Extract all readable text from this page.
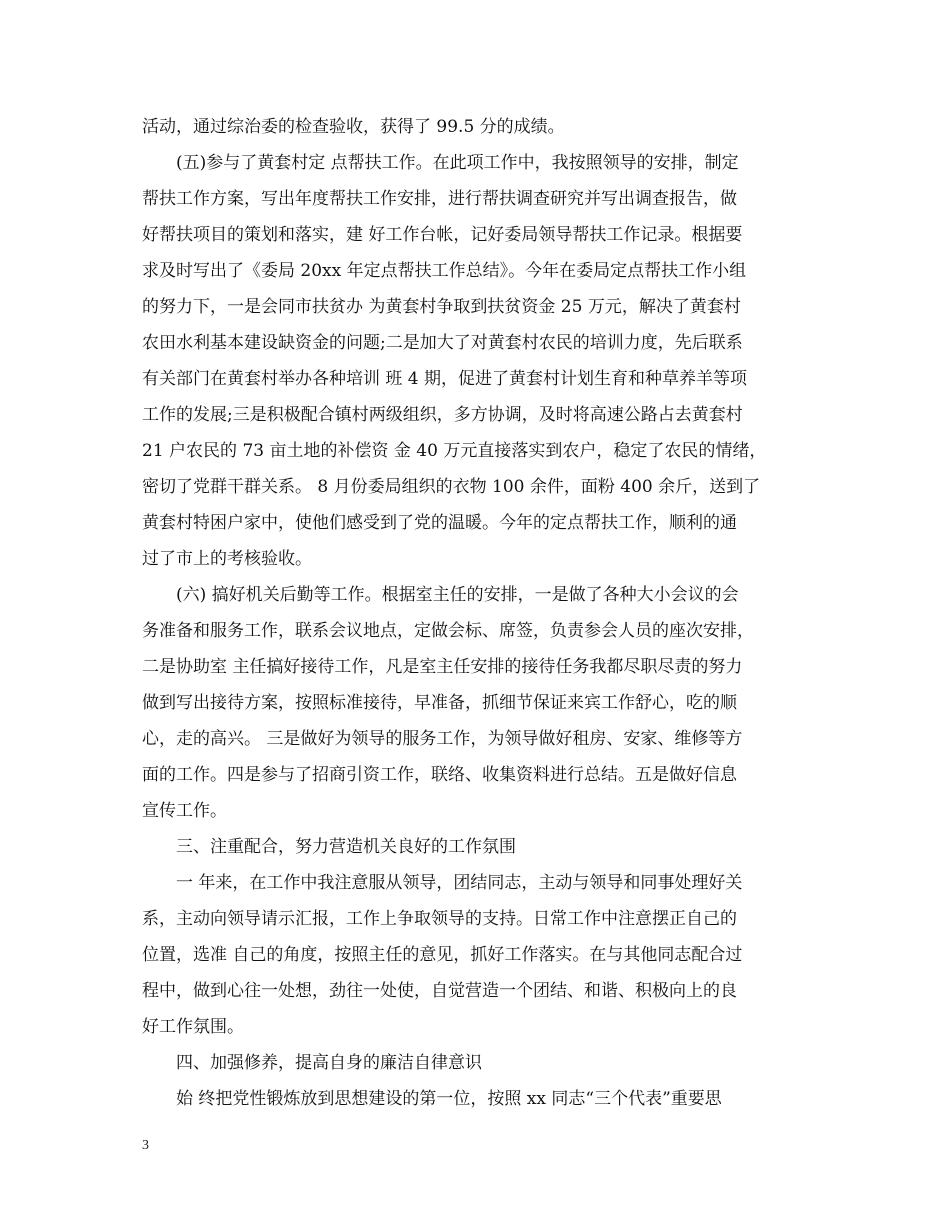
活动，通过综治委的检查验收，获得了 99.5 分的成绩。
(五)参与了黄套村定 点帮扶工作。在此项工作中，我按照领导的安排，制定
帮扶工作方案，写出年度帮扶工作安排，进行帮扶调查研究并写出调查报告，做
好帮扶项目的策划和落实，建 好工作台帐，记好委局领导帮扶工作记录。根据要
求及时写出了《委局 20xx 年定点帮扶工作总结》。今年在委局定点帮扶工作小组
的努力下，一是会同市扶贫办 为黄套村争取到扶贫资金 25 万元，解决了黄套村
农田水利基本建设缺资金的问题;二是加大了对黄套村农民的培训力度，先后联系
有关部门在黄套村举办各种培训 班 4 期，促进了黄套村计划生育和种草养羊等项
工作的发展;三是积极配合镇村两级组织，多方协调，及时将高速公路占去黄套村
21 户农民的 73 亩土地的补偿资 金 40 万元直接落实到农户，稳定了农民的情绪，
密切了党群干群关系。 8 月份委局组织的衣物 100 余件，面粉 400 余斤，送到了
黄套村特困户家中，使他们感受到了党的温暖。今年的定点帮扶工作，顺利的通
过了市上的考核验收。
(六) 搞好机关后勤等工作。根据室主任的安排，一是做了各种大小会议的会
务准备和服务工作，联系会议地点，定做会标、席签，负责参会人员的座次安排，
二是协助室 主任搞好接待工作，凡是室主任安排的接待任务我都尽职尽责的努力
做到写出接待方案，按照标准接待，早准备，抓细节保证来宾工作舒心，吃的顺
心，走的高兴。 三是做好为领导的服务工作，为领导做好租房、安家、维修等方
面的工作。四是参与了招商引资工作，联络、收集资料进行总结。五是做好信息
宣传工作。
三、注重配合，努力营造机关良好的工作氛围
一 年来，在工作中我注意服从领导，团结同志，主动与领导和同事处理好关
系，主动向领导请示汇报，工作上争取领导的支持。日常工作中注意摆正自己的
位置，选准 自己的角度，按照主任的意见，抓好工作落实。在与其他同志配合过
程中，做到心往一处想，劲往一处使，自觉营造一个团结、和谐、积极向上的良
好工作氛围。
四、加强修养，提高自身的廉洁自律意识
始 终把党性锻炼放到思想建设的第一位，按照 xx 同志“三个代表”重要思
3
